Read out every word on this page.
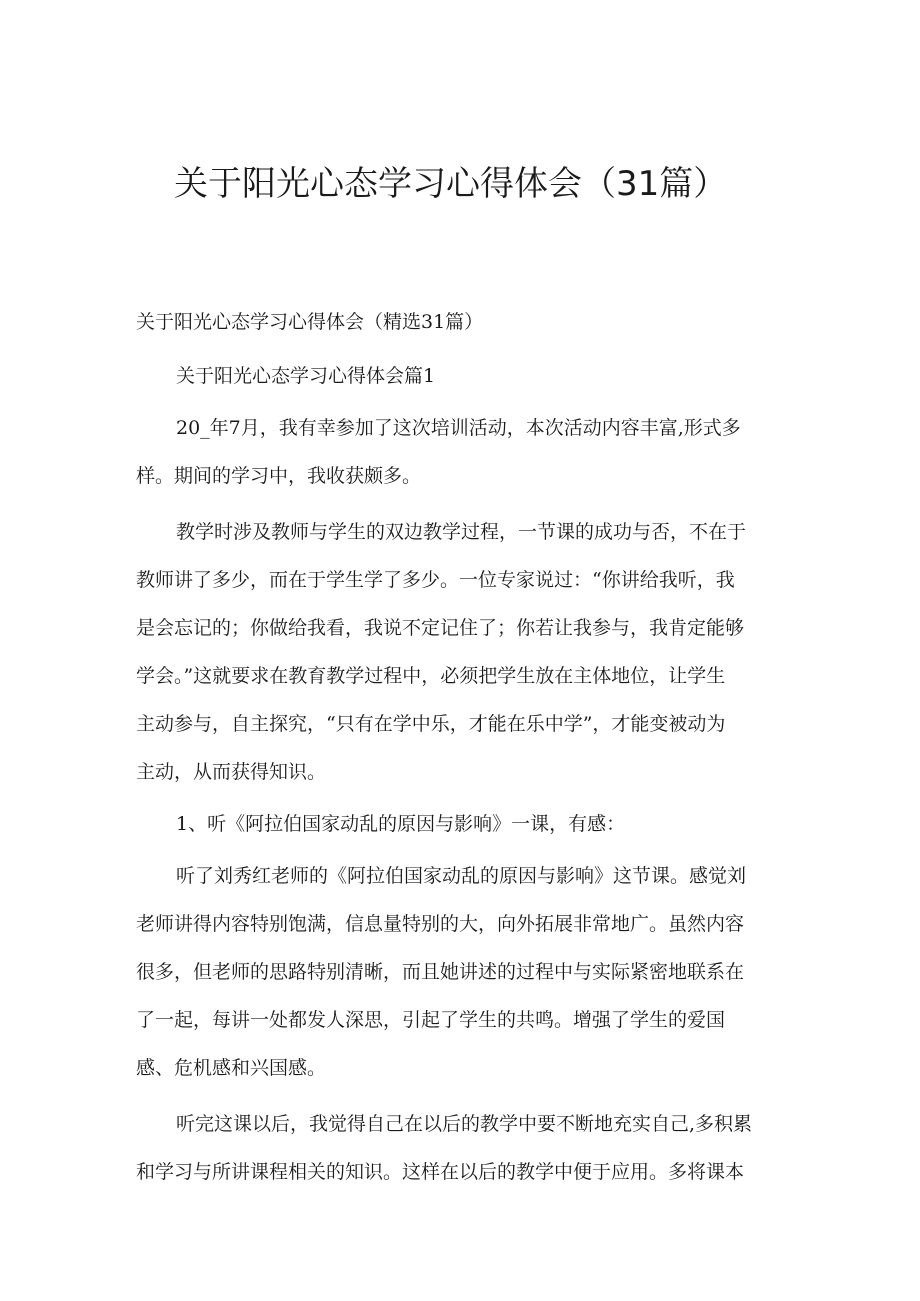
关于阳光心态学习心得体会（31篇）

关于阳光心态学习心得体会（精选31篇）

关于阳光心态学习心得体会篇1

20_年7月，我有幸参加了这次培训活动，本次活动内容丰富,形式多
样。期间的学习中，我收获颇多。

教学时涉及教师与学生的双边教学过程，一节课的成功与否，不在于
教师讲了多少，而在于学生学了多少。一位专家说过：“你讲给我听，我
是会忘记的；你做给我看，我说不定记住了；你若让我参与，我肯定能够
学会。”这就要求在教育教学过程中，必须把学生放在主体地位，让学生
主动参与，自主探究，“只有在学中乐，才能在乐中学”，才能变被动为
主动，从而获得知识。

1、听《阿拉伯国家动乱的原因与影响》一课，有感：

听了刘秀红老师的《阿拉伯国家动乱的原因与影响》这节课。感觉刘
老师讲得内容特别饱满，信息量特别的大，向外拓展非常地广。虽然内容
很多，但老师的思路特别清晰，而且她讲述的过程中与实际紧密地联系在
了一起，每讲一处都发人深思，引起了学生的共鸣。增强了学生的爱国
感、危机感和兴国感。

听完这课以后，我觉得自己在以后的教学中要不断地充实自己,多积累
和学习与所讲课程相关的知识。这样在以后的教学中便于应用。多将课本
